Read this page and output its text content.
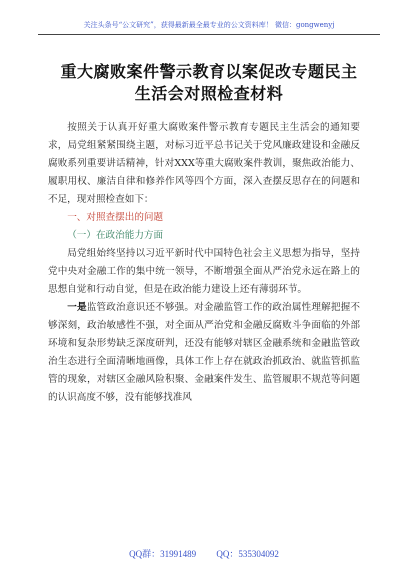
关注头条号“公文研究”，获得最新最全最专业的公文资料库！ 微信：gongwenyj
重大腐败案件警示教育以案促改专题民主
生活会对照检查材料

按照关于认真开好重大腐败案件警示教育专题民主生活会的通知要求，局党组紧紧围绕主题，对标习近平总书记关于党风廉政建设和金融反腐败系列重要讲话精神，针对XXX等重大腐败案件教训，聚焦政治能力、履职用权、廉洁自律和修养作风等四个方面，深入查摆反思存在的问题和不足，现对照检查如下：

一、对照查摆出的问题
（一）在政治能力方面

局党组始终坚持以习近平新时代中国特色社会主义思想为指导，坚持党中央对金融工作的集中统一领导，不断增强全面从严治党永远在路上的思想自觉和行动自觉，但是在政治能力建设上还有薄弱环节。

一是监管政治意识还不够强。对金融监管工作的政治属性理解把握不够深刻，政治敏感性不强，对全面从严治党和金融反腐败斗争面临的外部环境和复杂形势缺乏深度研判，还没有能够对辖区金融系统和金融监管政治生态进行全面清晰地画像，具体工作上存在就政治抓政治、就监管抓监管的现象，对辖区金融风险积聚、金融案件发生、监管履职不规范等问题的认识高度不够，没有能够找准风

QQ群：31991489 QQ：535304092
